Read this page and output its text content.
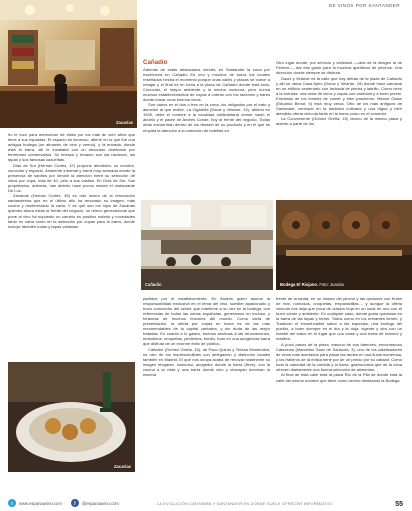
DE VINOS POR SANTANDER
Zacarías
Cañadío

Además de estas destacados vender, en Santander la zona por excelencia en Cañadío Es uno y muchos de todos los locales reseñados hecha el momento porque unas calles y plazas se cuece a rebajar y el final es en toma a la plaza de Cañadío donde está todo. Conocido, el mayor ambiente y la mecha nocturna, pero nunca muchos establecimientos de copas a cobran con los raciones y bares donde tomar unos buenos vinos.

Son varios en el dos o tres en la zona, los obligados por el trato y atención al que recibe. La Cigaleña (Daoiz y Velarde, 19), abierto en 1949, debe el nombre a la localidad vallisoletana donde nació el abuelo y el padre de Andrés Conde, hoy al frente del negocio. Todas otras encuentran dentro de los dessert de su producto y en el que se emplea la atención a la colección de botellas en

Otro lugar donde, por servicio y variedad —obra de la imagen la de Ferrero—, dar ese gusto para la muchos aperitivos de pinchos. Una dirección donde siempre se disfruta.

Daoiz y Velarde es la calle que hay detrás de la plaza de Cañadío y allí se ubica Casa Ajero (Daoiz y Velarde, 18) donde hace carnaval en un edificio centenario con fachada de piedra y ladrillo. Como nexo a la entrada, una cena de vinos y copas con variedad y a buen precio. Enrollado de los toneles de comer y bien parcheros. Menos Gatos (Eduardo Benot, 6) está muy cerca. Otro de los más antiguos de Santander, centrado en la tradición culinaria y una digna y bien atendida oferta vinícola tanto en la barra como en el comedor.

La Conveniente (Gómez Oreña, 15) vecino de la misma plaza y abierto a parte de los

ño le tocó para merecedor de visita por los más de cien años que tiene a sus espaldas. El espacio es inmenso, atiene en lo que fue una antigua bodega (un almacén de vino y vermú), y la entrada, donde está la barra, allí le instalaba con un decorado dominado por ferretones conservados. Su terraza y redamo son las raciones, las tapas y sus famosas cazuelitas.

Días de Sur (Hernán Cortés, 47) propone alrededor, un nombre, conocido y espacio. Ambiente informal y barra muy animada donde la presencia de sanitos por decidir la atención entre su selección de vinos por copa, más de 40, pelo a sus vasitos. En Días de Sur, Sus propietarios, además, han abierto hace pocos meses el restaurante De Luz.

Zacarías (Hernán Cortés, 38) es otro lucero de la renovación santanderina que en el último año ha renovado su imagen, más cocina y modernizado la carta. Y es que son los hijos de Zacarías quienes ahora están al frente del negocio, un relevo generacional que pone al vino ha supuesto un cambio en positivo notado y novedades tanto en carta como en la selección por copas para la barra, donde incluye también todas y tapas variadas.

Cañadío	Bodega El Riojano. Foto: Juanda

partidos por el establecimiento. En Andrés quien asume la responsabilidad exclusiva en el tema del vino, sumiller apasionado y buen conocedor del sector que mantiene a su vez en la bodega, con referencias de todas las zonas españolas, generamos en incluso, y foráneas de muchos rincones del mundo. Como carta de presentación, la oferta por copas en barra es de las más recomendables de la capital cántabra, y sin duda de las mejor tratadas. En cuanto a lo gastro, buenos anchoas a las renovaciones, embutidos, croquetas, pimientos, bonito, todo en una acogedora barra que disfruta de un enorme éxito de público.

Cañadío (Gómez Oreña, 15), de Paco Quirós y Teresa Monteoliva, es otro de los imprescindibles con delegación y distinción locales también en Madrid. El que nos ocupa acaba de renovar totalmente su imagen elegante, luminoso, acogedor donde la barra (lleve), con la cocina a la vista y una barra donde vino y champán dominan la escena

trente de la tanda, en un clásico del pincho y las opciones con frutos de mar, rumiosos, croquetas, empanadillas..., y aunque la oferta vinícola nos deja que poca de clásica rioja en un local en uno con el buen comer y ambiente. En cualquier caso, donde gusta quedarse en la barra de las tapas y beber. Todos como en los entrantes tienen, y Tradición el inconfundible sabor a las especias, una bodega del pueblo, a buen siempre en el día y la rioja, vigente y otro con un mantel del todos en el lugar que uno clase y una barra de mármol y madera.

A poco pasos de la plaza, trasuno de sus lateroles, encontramos Catavinos (Marcelino Sanz de Sautuola, 3), uno de los catalizadores de vinos más acertados para pasar las tardes en una lluvia numerosa, y los fraileros de la mítica tiene por de un precio por su calidad. Como todo la variedad de la comida y la barra, gastronomía que de la zona ofrecen diariamente una buena selección de alimentos.

Al final de esta calle está la plaza Río de la Pila de donde está la calle del mismo nombre que tiene como vecino destacado la Bodega

Zacarías
t	www.espanaavino.com	f	@espanaavino.com	LA EVOLUCIÓN CÁNTABRA Y SANTANDER EN DONDE SUELE OFRECER INFORMATIVO	55
